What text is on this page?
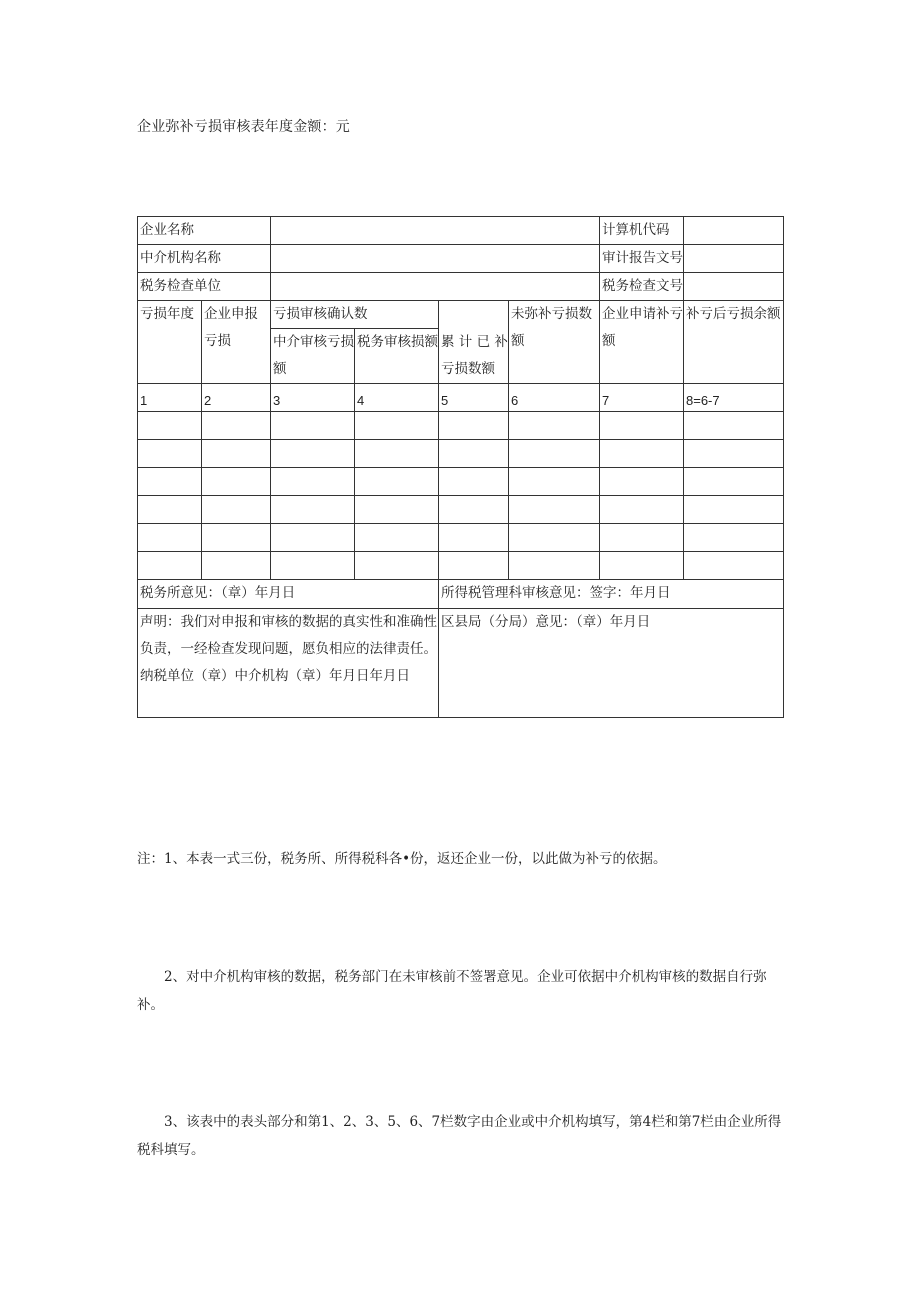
企业弥补亏损审核表年度金额：元
企业名称						计算机代码	
中介机构名称						审计报告文号	
税务检查单位						税务检查文号	
亏损年度	企业申报亏损	亏损审核确认数		累 计 已 补亏损数额	未弥补亏损数额	企业申请补亏额	补亏后亏损余额
		中介审核亏损额	税务审核损额				
1	2	3	4	5	6	7	8=6-7

税务所意见：（章）年月日				所得税管理科审核意见：签字：年月日			
声明：我们对申报和审核的数据的真实性和准确性负责，一经检查发现问题，愿负相应的法律责任。纳税单位（章）中介机构（章）年月日年月日				区县局（分局）意见：（章）年月日			
注：1、本表一式三份，税务所、所得税科各•份，返还企业一份，以此做为补亏的依据。
2、对中介机构审核的数据，税务部门在未审核前不签署意见。企业可依据中介机构审核的数据自行弥补。
3、该表中的表头部分和第1、2、3、5、6、7栏数字由企业或中介机构填写，第4栏和第7栏由企业所得税科填写。
